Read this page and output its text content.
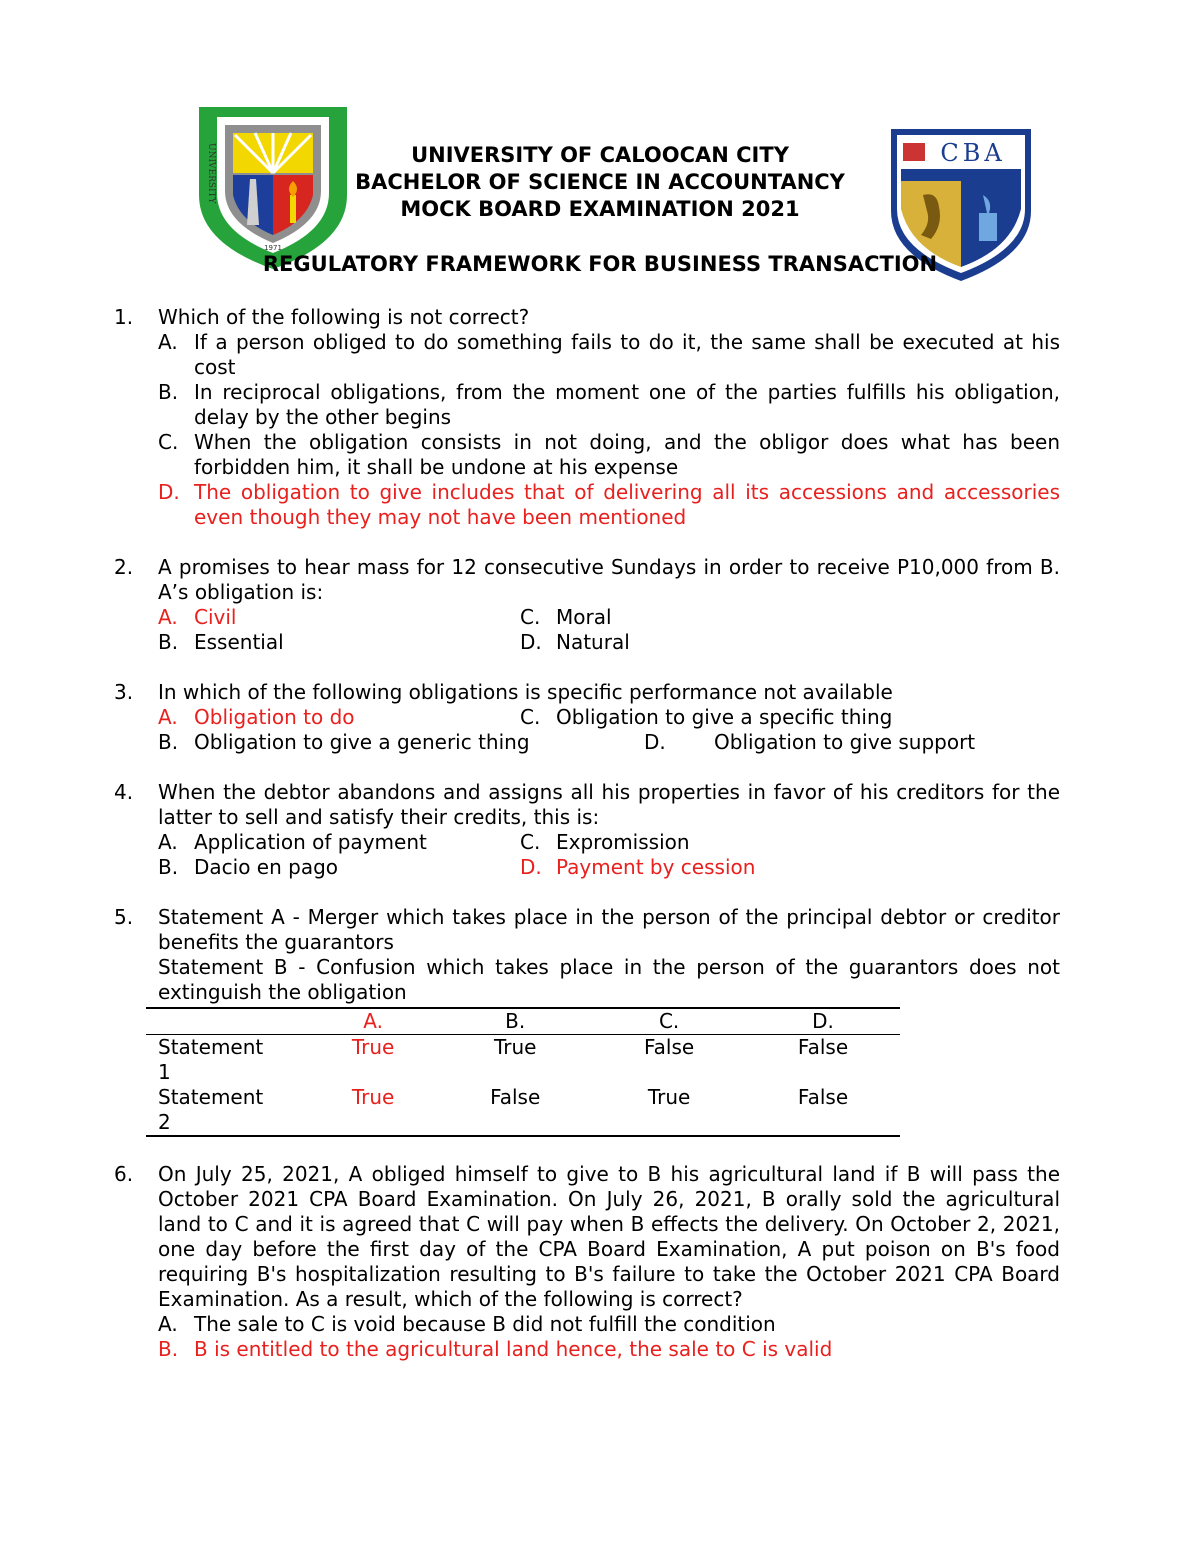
1971
UNIVERSITY	CBA
UNIVERSITY OF CALOOCAN CITY
BACHELOR OF SCIENCE IN ACCOUNTANCY
MOCK BOARD EXAMINATION 2021
REGULATORY FRAMEWORK FOR BUSINESS TRANSACTION
1. Which of the following is not correct?
A. If a person obliged to do something fails to do it, the same shall be executed at his cost
B. In reciprocal obligations, from the moment one of the parties fulfills his obligation, delay by the other begins
C. When the obligation consists in not doing, and the obligor does what has been forbidden him, it shall be undone at his expense
D. The obligation to give includes that of delivering all its accessions and accessories even though they may not have been mentioned
2. A promises to hear mass for 12 consecutive Sundays in order to receive P10,000 from B. A’s obligation is:
A. Civil	C. Moral
B. Essential	D. Natural
3. In which of the following obligations is specific performance not available
A. Obligation to do	C. Obligation to give a specific thing
B. Obligation to give a generic thing	D.	Obligation to give support
4. When the debtor abandons and assigns all his properties in favor of his creditors for the latter to sell and satisfy their credits, this is:
A. Application of payment	C. Expromission
B. Dacio en pago	D. Payment by cession
5. Statement A - Merger which takes place in the person of the principal debtor or creditor benefits the guarantors
Statement B - Confusion which takes place in the person of the guarantors does not extinguish the obligation
	A.	B.	C.	D.

Statement 1	True	True	False	False

Statement 2	True	False	True	False
6. On July 25, 2021, A obliged himself to give to B his agricultural land if B will pass the October 2021 CPA Board Examination. On July 26, 2021, B orally sold the agricultural land to C and it is agreed that C will pay when B effects the delivery. On October 2, 2021, one day before the first day of the CPA Board Examination, A put poison on B's food requiring B's hospitalization resulting to B's failure to take the October 2021 CPA Board Examination. As a result, which of the following is correct?
A. The sale to C is void because B did not fulfill the condition
B. B is entitled to the agricultural land hence, the sale to C is valid
